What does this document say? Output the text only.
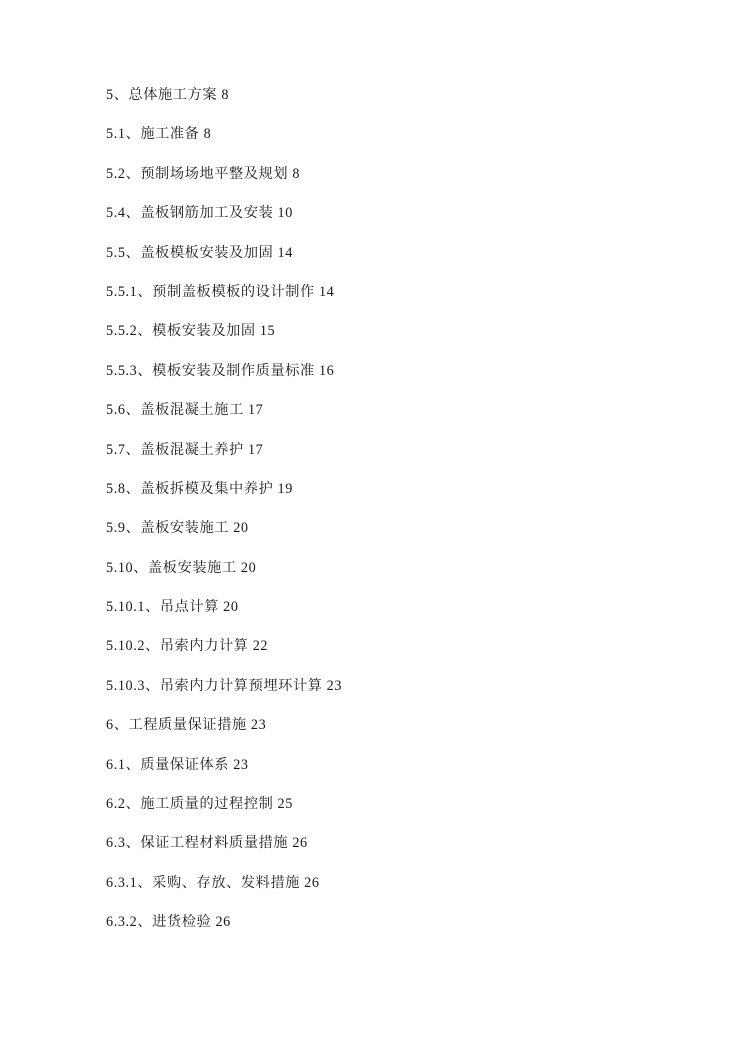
5、总体施工方案 8
5.1、施工准备 8
5.2、预制场场地平整及规划 8
5.4、盖板钢筋加工及安装 10
5.5、盖板模板安装及加固 14
5.5.1、预制盖板模板的设计制作 14
5.5.2、模板安装及加固 15
5.5.3、模板安装及制作质量标准 16
5.6、盖板混凝土施工 17
5.7、盖板混凝土养护 17
5.8、盖板拆模及集中养护 19
5.9、盖板安装施工 20
5.10、盖板安装施工 20
5.10.1、吊点计算 20
5.10.2、吊索内力计算 22
5.10.3、吊索内力计算预埋环计算 23
6、工程质量保证措施 23
6.1、质量保证体系 23
6.2、施工质量的过程控制 25
6.3、保证工程材料质量措施 26
6.3.1、采购、存放、发料措施 26
6.3.2、进货检验 26
